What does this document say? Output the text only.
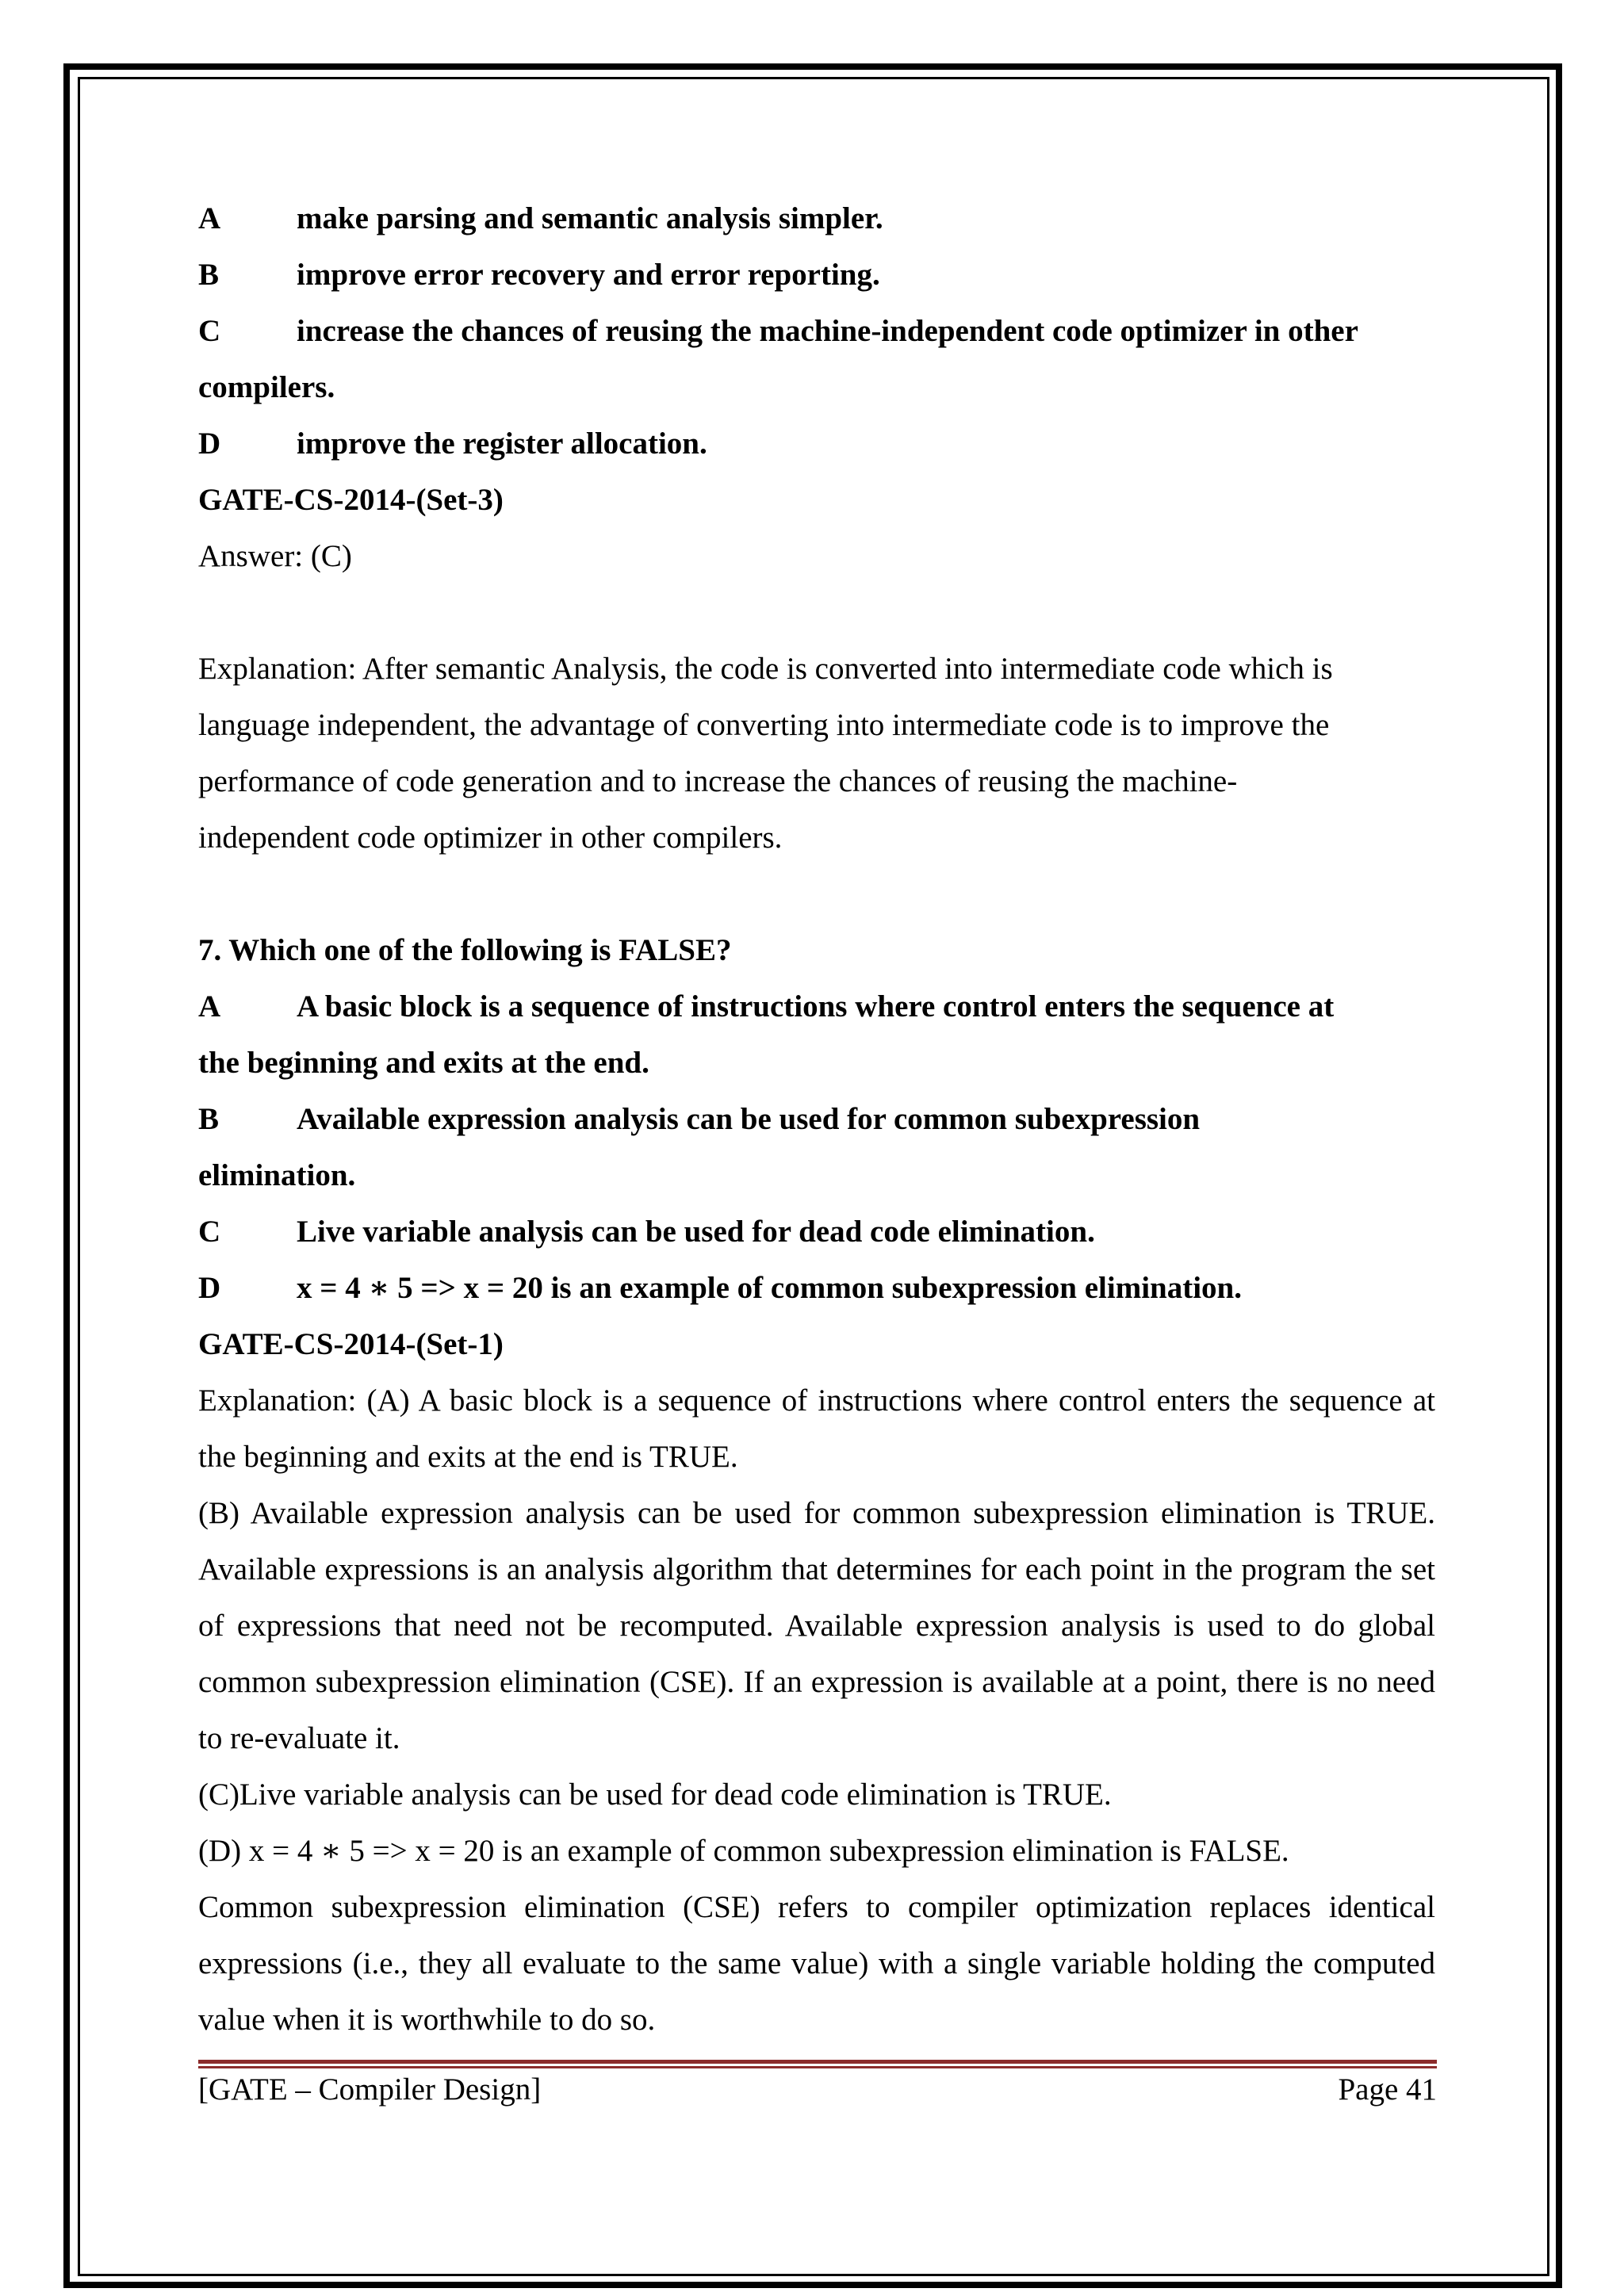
A	make parsing and semantic analysis simpler.
B	improve error recovery and error reporting.
C	increase the chances of reusing the machine-independent code optimizer in other

compilers.

D	improve the register allocation.

GATE-CS-2014-(Set-3)

Answer: (C)

Explanation: After semantic Analysis, the code is converted into intermediate code which is

language independent, the advantage of converting into intermediate code is to improve the

performance of code generation and to increase the chances of reusing the machine-

independent code optimizer in other compilers.

7. Which one of the following is FALSE?

A	A basic block is a sequence of instructions where control enters the sequence at

the beginning and exits at the end.

B	Available expression analysis can be used for common subexpression

elimination.

C	Live variable analysis can be used for dead code elimination.
D	x = 4 ∗ 5 => x = 20 is an example of common subexpression elimination.

GATE-CS-2014-(Set-1)

Explanation: (A) A basic block is a sequence of instructions where control enters the sequence at the beginning and exits at the end is TRUE.

(B) Available expression analysis can be used for common subexpression elimination is TRUE. Available expressions is an analysis algorithm that determines for each point in the program the set of expressions that need not be recomputed. Available expression analysis is used to do global common subexpression elimination (CSE). If an expression is available at a point, there is no need to re-evaluate it.

(C)Live variable analysis can be used for dead code elimination is TRUE.

(D) x = 4 ∗ 5 => x = 20 is an example of common subexpression elimination is FALSE.

Common subexpression elimination (CSE) refers to compiler optimization replaces identical expressions (i.e., they all evaluate to the same value) with a single variable holding the computed value when it is worthwhile to do so.

[GATE – Compiler Design]	Page 41
